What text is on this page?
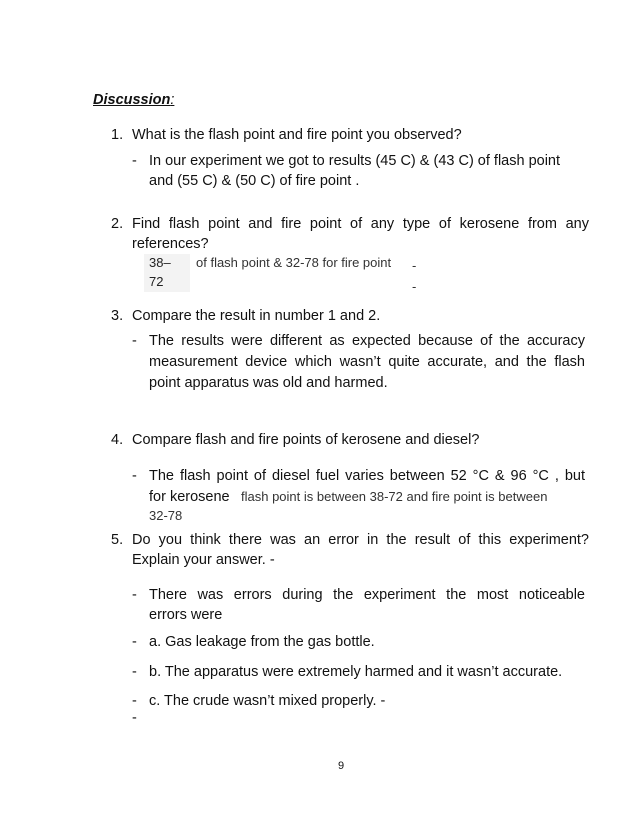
Discussion:
1. What is the flash point and fire point you observed?
- In our experiment we got to results (45 C) & (43 C) of flash point
and (55 C) & (50 C) of fire point .
2. Find flash point and fire point of any type of kerosene from any
references?
38–
72
of flash point & 32-78 for fire point -
-
3. Compare the result in number 1 and 2.
- The results were different as expected because of the accuracy
measurement device which wasn’t quite accurate, and the flash
point apparatus was old and harmed.
4. Compare flash and fire points of kerosene and diesel?
- The flash point of diesel fuel varies between 52 °C & 96 °C , but
for kerosene flash point is between 38-72 and fire point is between
32-78
5. Do you think there was an error in the result of this experiment?
Explain your answer. -
- There was errors during the experiment the most noticeable
errors were
- a. Gas leakage from the gas bottle.
- b. The apparatus were extremely harmed and it wasn’t accurate.
- c. The crude wasn’t mixed properly. -
-
9
